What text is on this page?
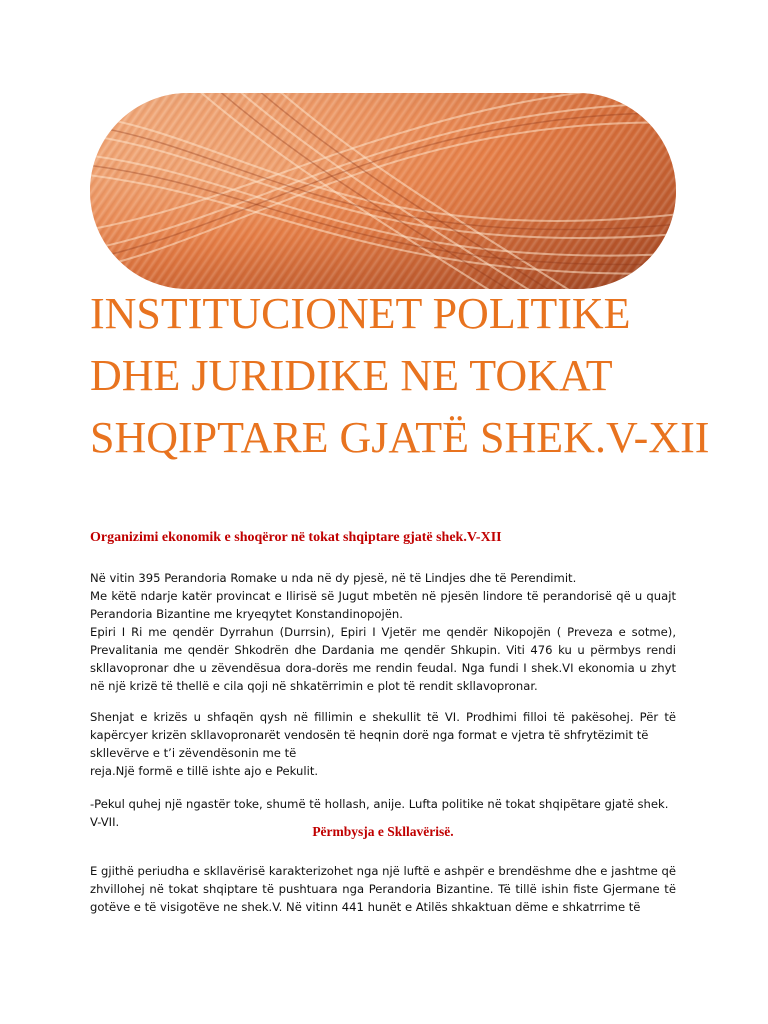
INSTITUCIONET POLITIKE DHE JURIDIKE NE TOKAT SHQIPTARE GJATË SHEK.V-XII

Organizimi ekonomik e shoqëror në tokat shqiptare gjatë shek.V-XII

Në vitin 395 Perandoria Romake u nda në dy pjesë, në të Lindjes dhe të Perendimit.
Me këtë ndarje katër provincat e Ilirisë së Jugut mbetën në pjesën lindore të perandorisë që u quajt Perandoria Bizantine me kryeqytet Konstandinopojën.
Epiri I Ri me qendër Dyrrahun (Durrsin), Epiri I Vjetër me qendër Nikopojën ( Preveza e sotme), Prevalitania me qendër Shkodrën dhe Dardania me qendër Shkupin. Viti 476 ku u përmbys rendi skllavopronar dhe u zëvendësua dora-dorës me rendin feudal. Nga fundi I shek.VI ekonomia u zhyt në një krizë të thellë e cila qoji në shkatërrimin e plot të rendit skllavopronar.
Shenjat e krizës u shfaqën qysh në fillimin e shekullit të VI. Prodhimi filloi të pakësohej. Për të kapërcyer krizën skllavopronarët vendosën të heqnin dorë nga format e vjetra të shfrytëzimit të
skllevërve e t’i zëvendësonin me të
reja.Një formë e tillë ishte ajo e Pekulit.

-Pekul quhej një ngastër toke, shumë të hollash, anije. Lufta politike në tokat shqipëtare gjatë shek. V-VII.

Përmbysja e Skllavërisë.

E gjithë periudha e skllavërisë karakterizohet nga një luftë e ashpër e brendëshme dhe e jashtme që zhvillohej në tokat shqiptare të pushtuara nga Perandoria Bizantine. Të tillë ishin fiste Gjermane të gotëve e të visigotëve ne shek.V. Në vitinn 441 hunët e Atilës shkaktuan dëme e shkatrrime të
